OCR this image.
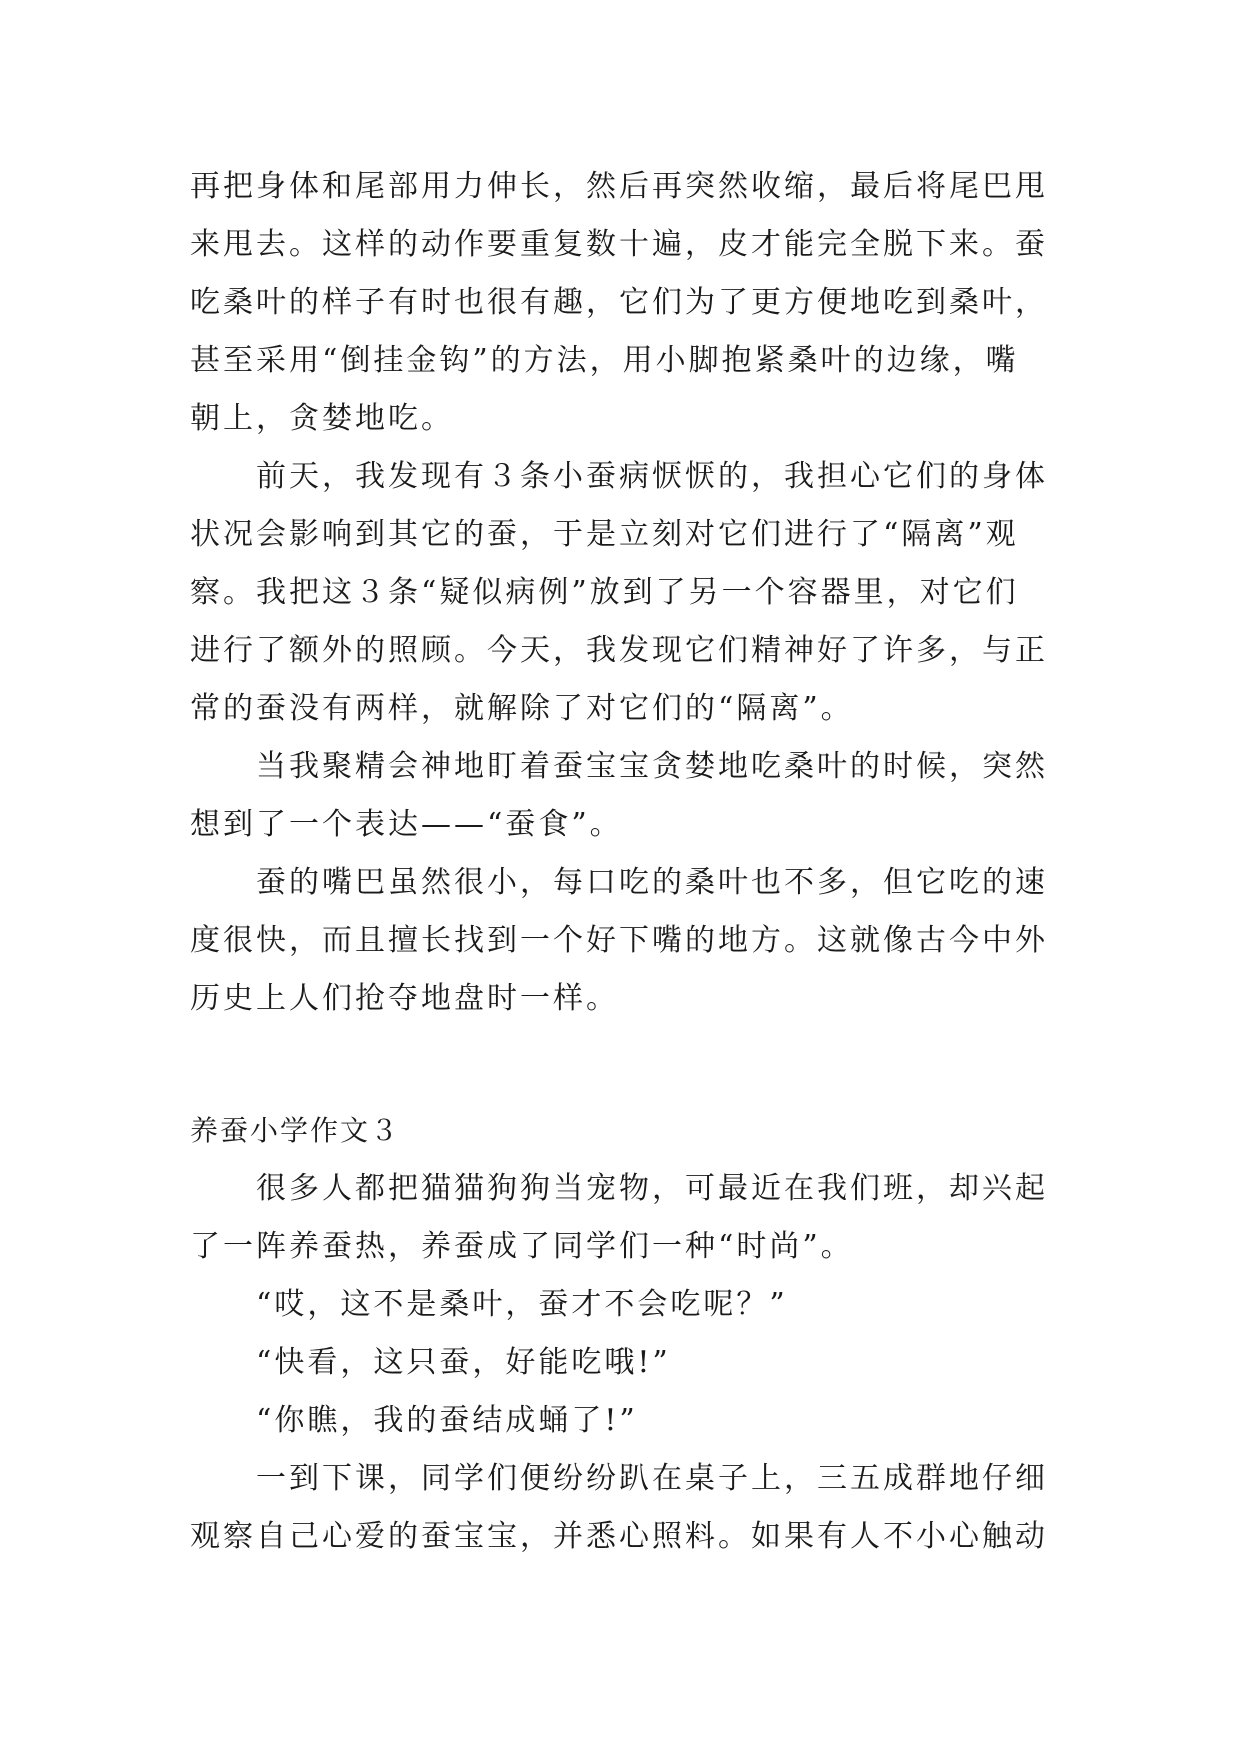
再把身体和尾部用力伸长，然后再突然收缩，最后将尾巴甩
来甩去。这样的动作要重复数十遍，皮才能完全脱下来。蚕
吃桑叶的样子有时也很有趣，它们为了更方便地吃到桑叶，
甚至采用“倒挂金钩”的方法，用小脚抱紧桑叶的边缘，嘴
朝上，贪婪地吃。
前天，我发现有３条小蚕病恹恹的，我担心它们的身体
状况会影响到其它的蚕，于是立刻对它们进行了“隔离”观
察。我把这３条“疑似病例”放到了另一个容器里，对它们
进行了额外的照顾。今天，我发现它们精神好了许多，与正
常的蚕没有两样，就解除了对它们的“隔离”。
当我聚精会神地盯着蚕宝宝贪婪地吃桑叶的时候，突然
想到了一个表达——“蚕食”。
蚕的嘴巴虽然很小，每口吃的桑叶也不多，但它吃的速
度很快，而且擅长找到一个好下嘴的地方。这就像古今中外
历史上人们抢夺地盘时一样。
养蚕小学作文３
很多人都把猫猫狗狗当宠物，可最近在我们班，却兴起
了一阵养蚕热，养蚕成了同学们一种“时尚”。
“哎，这不是桑叶，蚕才不会吃呢？”
“快看，这只蚕，好能吃哦!”
“你瞧，我的蚕结成蛹了!”
一到下课，同学们便纷纷趴在桌子上，三五成群地仔细
观察自己心爱的蚕宝宝，并悉心照料。如果有人不小心触动
